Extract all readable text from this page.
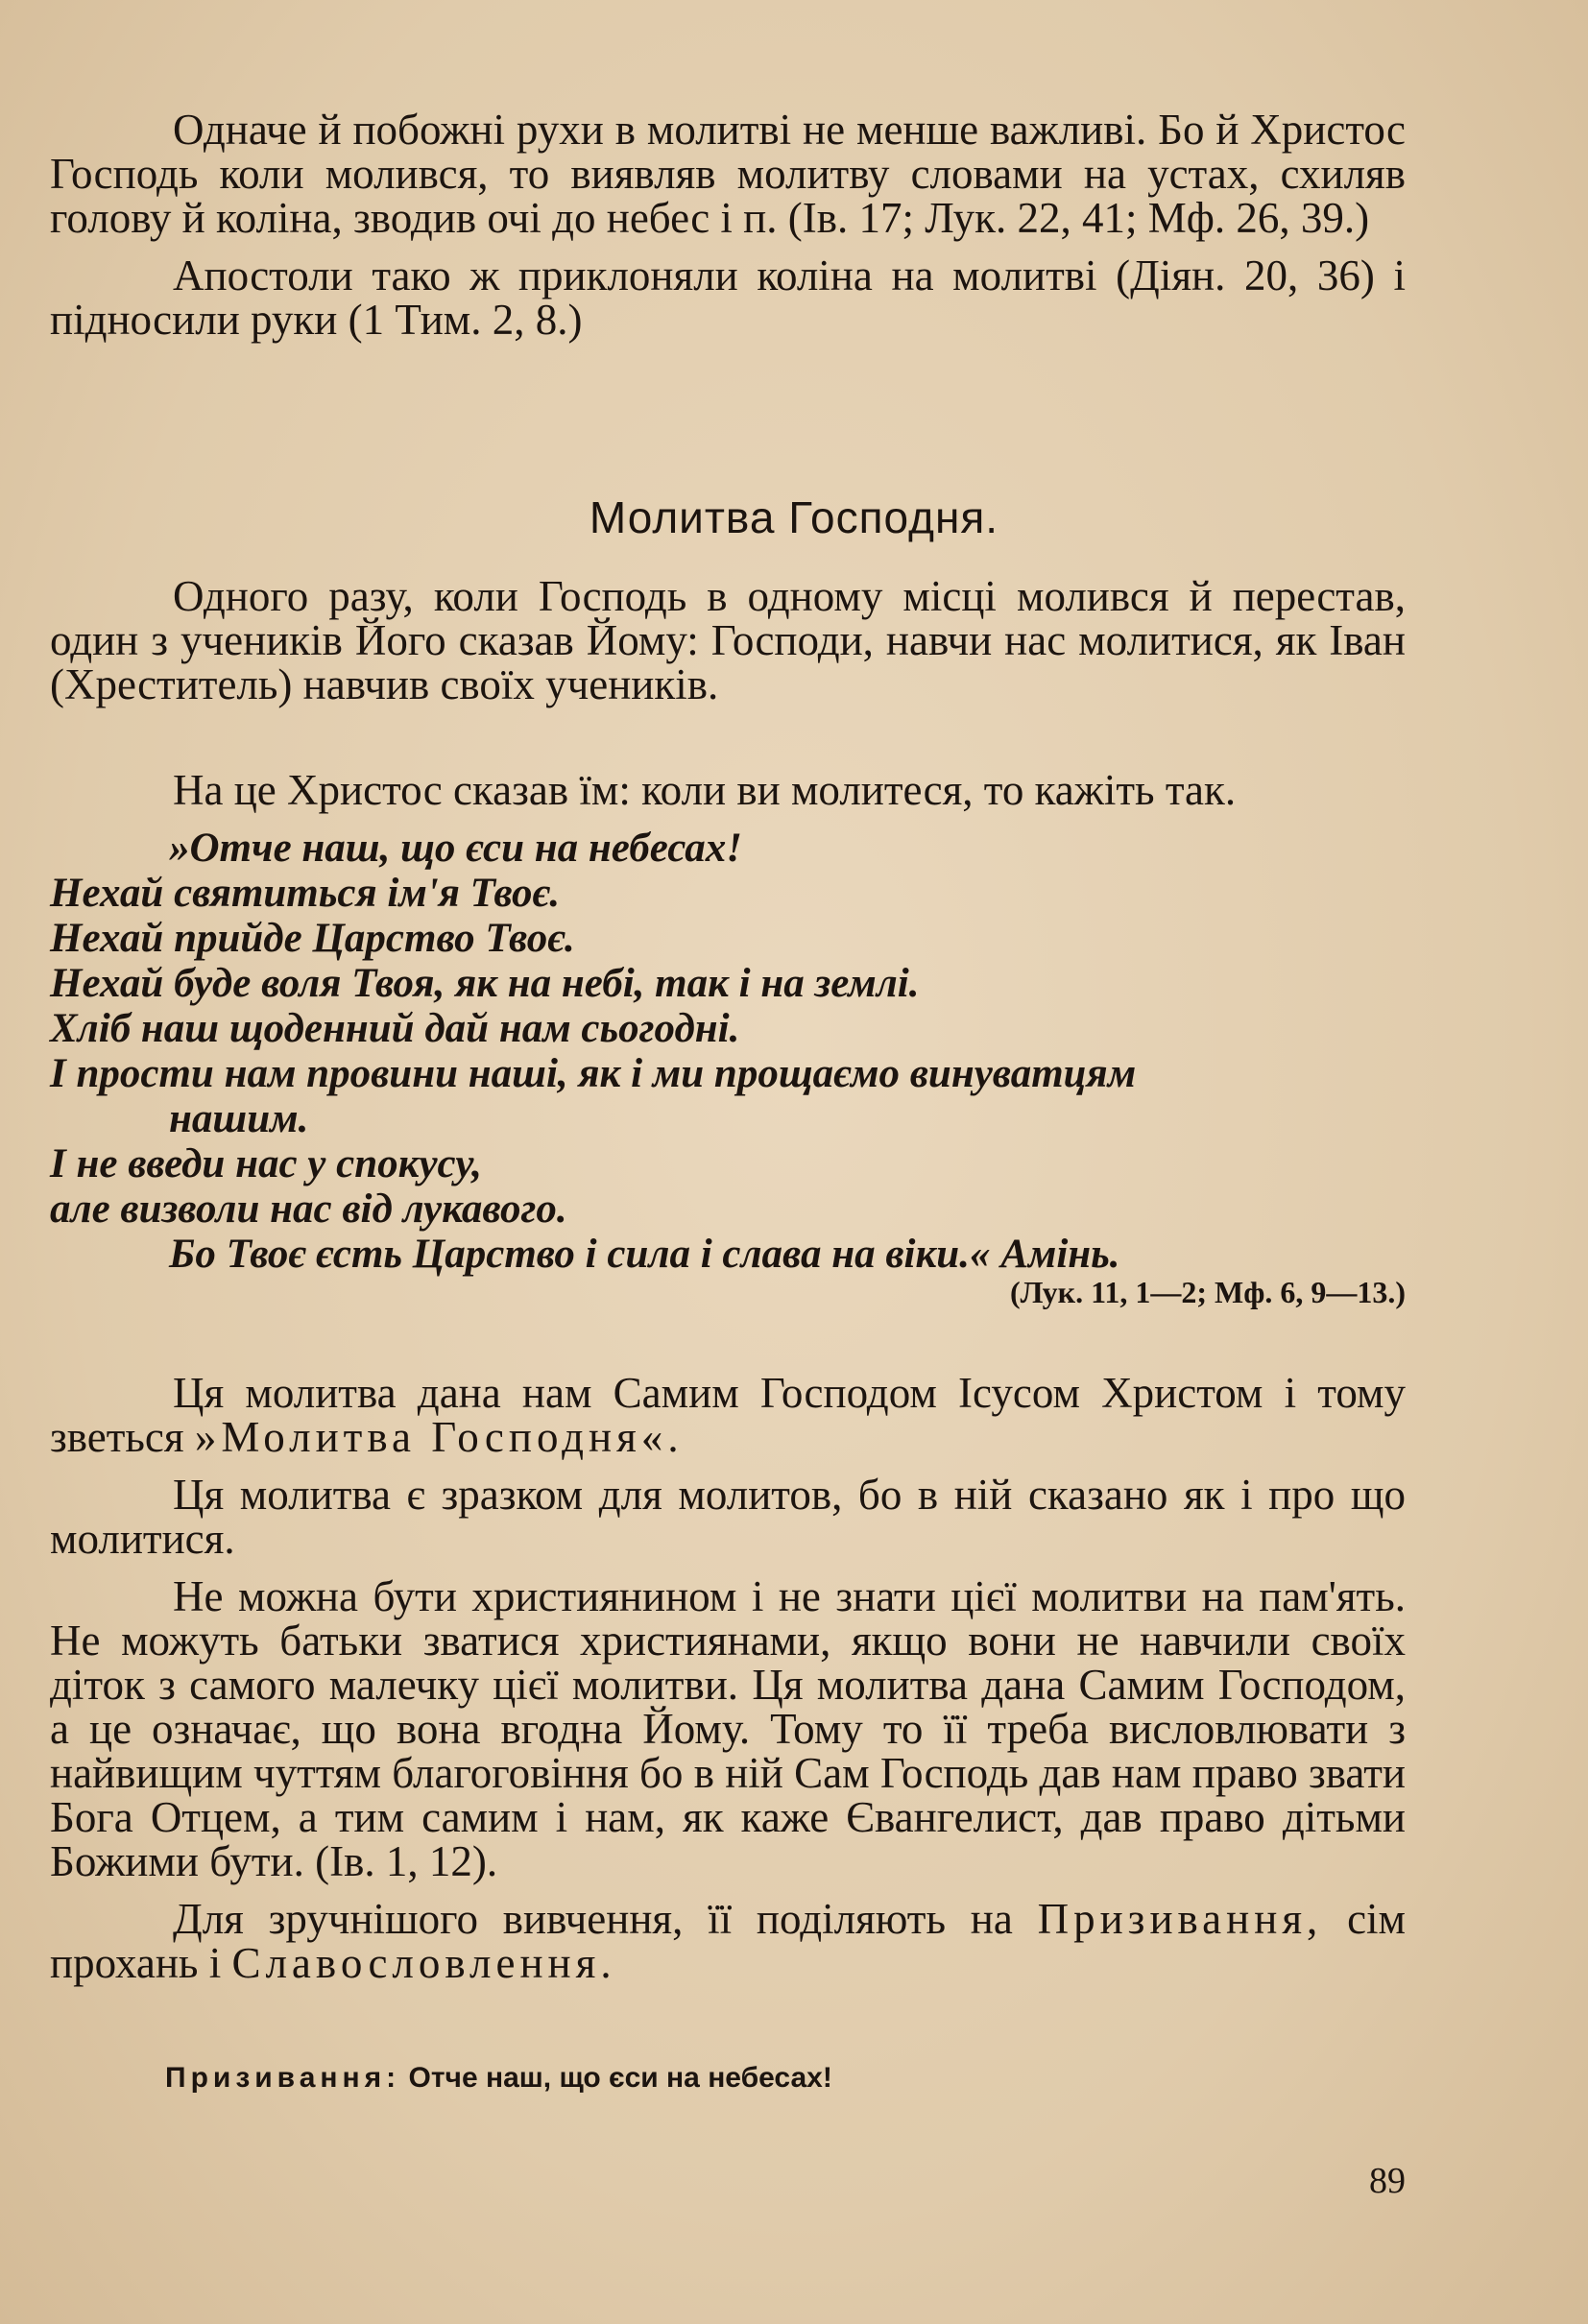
Одначе й побожні рухи в молитві не менше важливі. Бо й Христос Господь коли молився, то виявляв молитву словами на устах, схиляв голову й коліна, зводив очі до небес і п. (Ів. 17; Лук. 22, 41; Мф. 26, 39.)

Апостоли тако ж приклоняли коліна на молитві (Діян. 20, 36) і підносили руки (1 Тим. 2, 8.)

Молитва Господня.

Одного разу, коли Господь в одному місці молився й перестав, один з учеників Його сказав Йому: Господи, навчи нас молитися, як Іван (Хреститель) навчив своїх учеників.

На це Христос сказав їм: коли ви молитеся, то кажіть так.

»Отче наш, що єси на небесах!
Нехай святиться ім'я Твоє.
Нехай прийде Царство Твоє.
Нехай буде воля Твоя, як на небі, так і на землі.
Хліб наш щоденний дай нам сьогодні.
І прости нам провини наші, як і ми прощаємо винуватцям нашим.
І не введи нас у спокусу,
але визволи нас від лукавого.
Бо Твоє єсть Царство і сила і слава на віки.« Амінь.
(Лук. 11, 1—2; Мф. 6, 9—13.)

Ця молитва дана нам Самим Господом Ісусом Христом і тому зветься »Молитва Господня«.

Ця молитва є зразком для молитов, бо в ній сказано як і про що молитися.

Не можна бути християнином і не знати цієї молитви на пам'ять. Не можуть батьки зватися християнами, якщо вони не навчили своїх діток з самого малечку цієї молитви. Ця молитва дана Самим Господом, а це означає, що вона вгодна Йому. Тому то її треба висловлювати з найвищим чуттям благоговіння бо в ній Сам Господь дав нам право звати Бога Отцем, а тим самим і нам, як каже Євангелист, дав право дітьми Божими бути. (Ів. 1, 12).

Для зручнішого вивчення, її поділяють на Призивання, сім прохань і Славословлення.

Призивання: Отче наш, що єси на небесах!
89
